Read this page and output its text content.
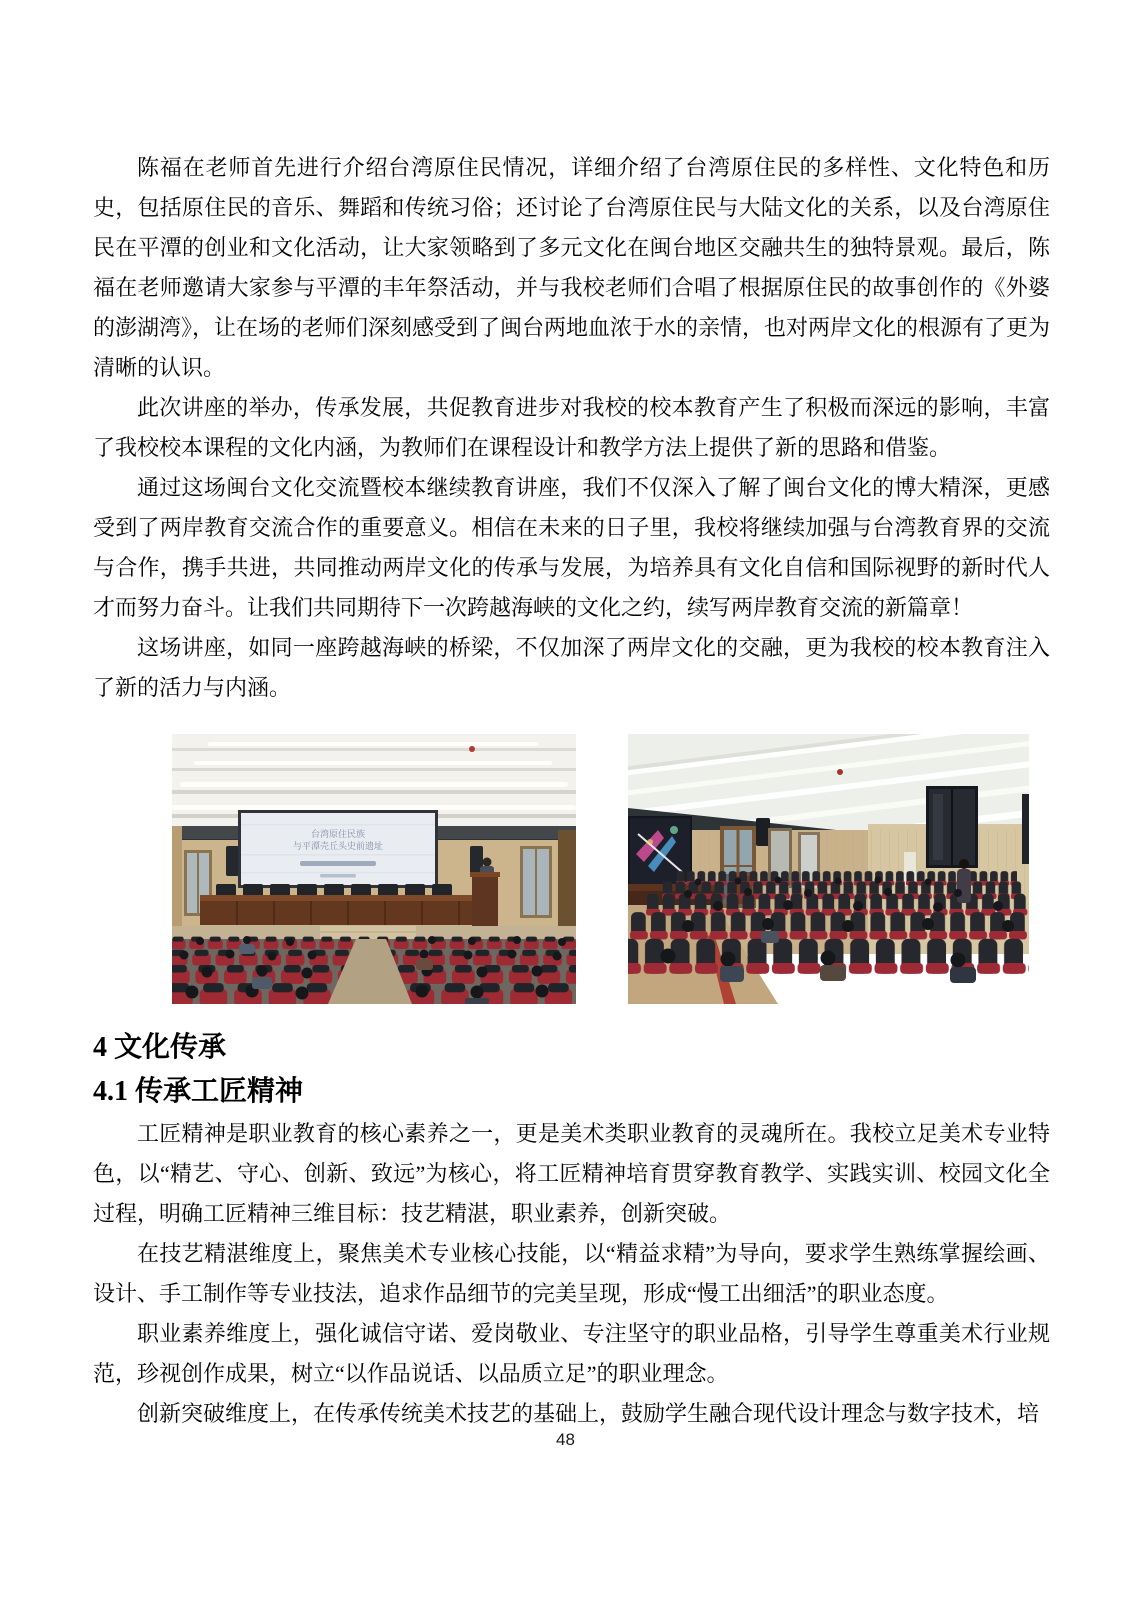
陈福在老师首先进行介绍台湾原住民情况，详细介绍了台湾原住民的多样性、文化特色和历史，包括原住民的音乐、舞蹈和传统习俗；还讨论了台湾原住民与大陆文化的关系，以及台湾原住民在平潭的创业和文化活动，让大家领略到了多元文化在闽台地区交融共生的独特景观。最后，陈福在老师邀请大家参与平潭的丰年祭活动，并与我校老师们合唱了根据原住民的故事创作的《外婆的澎湖湾》，让在场的老师们深刻感受到了闽台两地血浓于水的亲情，也对两岸文化的根源有了更为清晰的认识。

此次讲座的举办，传承发展，共促教育进步对我校的校本教育产生了积极而深远的影响，丰富了我校校本课程的文化内涵，为教师们在课程设计和教学方法上提供了新的思路和借鉴。

通过这场闽台文化交流暨校本继续教育讲座，我们不仅深入了解了闽台文化的博大精深，更感受到了两岸教育交流合作的重要意义。相信在未来的日子里，我校将继续加强与台湾教育界的交流与合作，携手共进，共同推动两岸文化的传承与发展，为培养具有文化自信和国际视野的新时代人才而努力奋斗。让我们共同期待下一次跨越海峡的文化之约，续写两岸教育交流的新篇章！

这场讲座，如同一座跨越海峡的桥梁，不仅加深了两岸文化的交融，更为我校的校本教育注入了新的活力与内涵。

台湾原住民族
与平潭壳丘头史前遗址
4 文化传承
4.1 传承工匠精神

工匠精神是职业教育的核心素养之一，更是美术类职业教育的灵魂所在。我校立足美术专业特色，以“精艺、守心、创新、致远”为核心，将工匠精神培育贯穿教育教学、实践实训、校园文化全过程，明确工匠精神三维目标：技艺精湛，职业素养，创新突破。

在技艺精湛维度上，聚焦美术专业核心技能，以“精益求精”为导向，要求学生熟练掌握绘画、设计、手工制作等专业技法，追求作品细节的完美呈现，形成“慢工出细活”的职业态度。

职业素养维度上，强化诚信守诺、爱岗敬业、专注坚守的职业品格，引导学生尊重美术行业规范，珍视创作成果，树立“以作品说话、以品质立足”的职业理念。

创新突破维度上，在传承传统美术技艺的基础上，鼓励学生融合现代设计理念与数字技术，培

48
